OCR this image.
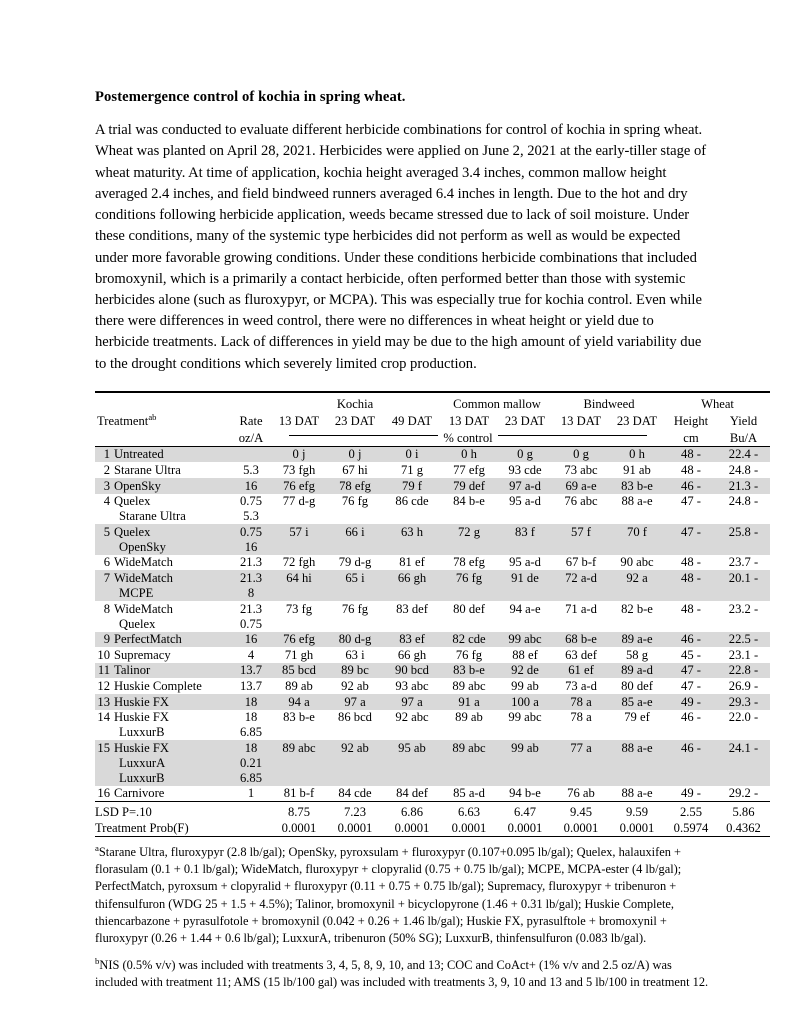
Postemergence control of kochia in spring wheat.

A trial was conducted to evaluate different herbicide combinations for control of kochia in spring wheat. Wheat was planted on April 28, 2021. Herbicides were applied on June 2, 2021 at the early-tiller stage of wheat maturity. At time of application, kochia height averaged 3.4 inches, common mallow height averaged 2.4 inches, and field bindweed runners averaged 6.4 inches in length. Due to the hot and dry conditions following herbicide application, weeds became stressed due to lack of soil moisture. Under these conditions, many of the systemic type herbicides did not perform as well as would be expected under more favorable growing conditions. Under these conditions herbicide combinations that included bromoxynil, which is a primarily a contact herbicide, often performed better than those with systemic herbicides alone (such as fluroxypyr, or MCPA). This was especially true for kochia control. Even while there were differences in weed control, there were no differences in wheat height or yield due to herbicide treatments. Lack of differences in yield may be due to the high amount of yield variability due to the drought conditions which severely limited crop production.

			Kochia		Common mallow		Bindweed		Wheat	
Treatment$^{ab}$	Rate	13 DAT	23 DAT	49 DAT	13 DAT	23 DAT	13 DAT	23 DAT	Height	Yield
	oz/A	% control							cm	Bu/A
1 Untreated		0 j	0 j	0 i	0 h	0 g	0 g	0 h	48 -	22.4 -
2 Starane Ultra	5.3	73 fgh	67 hi	71 g	77 efg	93 cde	73 abc	91 ab	48 -	24.8 -
3 OpenSky	16	76 efg	78 efg	79 f	79 def	97 a-d	69 a-e	83 b-e	46 -	21.3 -
4 Quelex	0.75	77 d-g	76 fg	86 cde	84 b-e	95 a-d	76 abc	88 a-e	47 -	24.8 -
Starane Ultra	5.3									
5 Quelex	0.75	57 i	66 i	63 h	72 g	83 f	57 f	70 f	47 -	25.8 -
OpenSky	16									
6 WideMatch	21.3	72 fgh	79 d-g	81 ef	78 efg	95 a-d	67 b-f	90 abc	48 -	23.7 -
7 WideMatch	21.3	64 hi	65 i	66 gh	76 fg	91 de	72 a-d	92 a	48 -	20.1 -
MCPE	8									
8 WideMatch	21.3	73 fg	76 fg	83 def	80 def	94 a-e	71 a-d	82 b-e	48 -	23.2 -
Quelex	0.75									
9 PerfectMatch	16	76 efg	80 d-g	83 ef	82 cde	99 abc	68 b-e	89 a-e	46 -	22.5 -
10 Supremacy	4	71 gh	63 i	66 gh	76 fg	88 ef	63 def	58 g	45 -	23.1 -
11 Talinor	13.7	85 bcd	89 bc	90 bcd	83 b-e	92 de	61 ef	89 a-d	47 -	22.8 -
12 Huskie Complete	13.7	89 ab	92 ab	93 abc	89 abc	99 ab	73 a-d	80 def	47 -	26.9 -
13 Huskie FX	18	94 a	97 a	97 a	91 a	100 a	78 a	85 a-e	49 -	29.3 -
14 Huskie FX	18	83 b-e	86 bcd	92 abc	89 ab	99 abc	78 a	79 ef	46 -	22.0 -
LuxxurB	6.85									
15 Huskie FX	18	89 abc	92 ab	95 ab	89 abc	99 ab	77 a	88 a-e	46 -	24.1 -
LuxxurA	0.21									
LuxxurB	6.85									
16 Carnivore	1	81 b-f	84 cde	84 def	85 a-d	94 b-e	76 ab	88 a-e	49 -	29.2 -

LSD P=.10		8.75	7.23	6.86	6.63	6.47	9.45	9.59	2.55	5.86
Treatment Prob(F)		0.0001	0.0001	0.0001	0.0001	0.0001	0.0001	0.0001	0.5974	0.4362

$^a$Starane Ultra, fluroxypyr (2.8 lb/gal); OpenSky, pyroxsulam + fluroxypyr (0.107+0.095 lb/gal); Quelex, halauxifen + florasulam (0.1 + 0.1 lb/gal); WideMatch, fluroxypyr + clopyralid (0.75 + 0.75 lb/gal); MCPE, MCPA-ester (4 lb/gal); PerfectMatch, pyroxsum + clopyralid + fluroxypyr (0.11 + 0.75 + 0.75 lb/gal); Supremacy, fluroxypyr + tribenuron + thifensulfuron (WDG 25 + 1.5 + 4.5%); Talinor, bromoxynil + bicyclopyrone (1.46 + 0.31 lb/gal); Huskie Complete, thiencarbazone + pyrasulfotole + bromoxynil (0.042 + 0.26 + 1.46 lb/gal); Huskie FX, pyrasulftole + bromoxynil + fluroxypyr (0.26 + 1.44 + 0.6 lb/gal); LuxxurA, tribenuron (50% SG); LuxxurB, thinfensulfuron (0.083 lb/gal).

$^b$NIS (0.5% v/v) was included with treatments 3, 4, 5, 8, 9, 10, and 13; COC and CoAct+ (1% v/v and 2.5 oz/A) was included with treatment 11; AMS (15 lb/100 gal) was included with treatments 3, 9, 10 and 13 and 5 lb/100 in treatment 12.
